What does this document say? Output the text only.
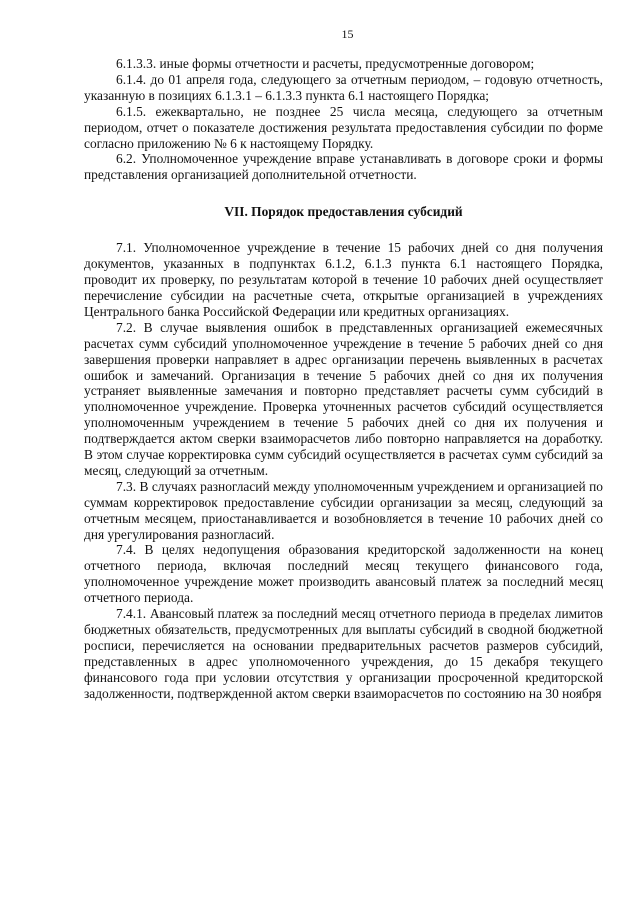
15

6.1.3.3. иные формы отчетности и расчеты, предусмотренные договором;

6.1.4. до 01 апреля года, следующего за отчетным периодом, – годовую отчетность, указанную в позициях 6.1.3.1 – 6.1.3.3 пункта 6.1 настоящего Порядка;

6.1.5. ежеквартально, не позднее 25 числа месяца, следующего за отчетным периодом, отчет о показателе достижения результата предоставления субсидии по форме согласно приложению № 6 к настоящему Порядку.

6.2. Уполномоченное учреждение вправе устанавливать в договоре сроки и формы представления организацией дополнительной отчетности.

VII. Порядок предоставления субсидий

7.1. Уполномоченное учреждение в течение 15 рабочих дней со дня получения документов, указанных в подпунктах 6.1.2, 6.1.3 пункта 6.1 настоящего Порядка, проводит их проверку, по результатам которой в течение 10 рабочих дней осуществляет перечисление субсидии на расчетные счета, открытые организацией в учреждениях Центрального банка Российской Федерации или кредитных организациях.

7.2. В случае выявления ошибок в представленных организацией ежемесячных расчетах сумм субсидий уполномоченное учреждение в течение 5 рабочих дней со дня завершения проверки направляет в адрес организации перечень выявленных в расчетах ошибок и замечаний. Организация в течение 5 рабочих дней со дня их получения устраняет выявленные замечания и повторно представляет расчеты сумм субсидий в уполномоченное учреждение. Проверка уточненных расчетов субсидий осуществляется уполномоченным учреждением в течение 5 рабочих дней со дня их получения и подтверждается актом сверки взаиморасчетов либо повторно направляется на доработку. В этом случае корректировка сумм субсидий осуществляется в расчетах сумм субсидий за месяц, следующий за отчетным.

7.3. В случаях разногласий между уполномоченным учреждением и организацией по суммам корректировок предоставление субсидии организации за месяц, следующий за отчетным месяцем, приостанавливается и возобновляется в течение 10 рабочих дней со дня урегулирования разногласий.

7.4. В целях недопущения образования кредиторской задолженности на конец отчетного периода, включая последний месяц текущего финансового года, уполномоченное учреждение может производить авансовый платеж за последний месяц отчетного периода.

7.4.1. Авансовый платеж за последний месяц отчетного периода в пределах лимитов бюджетных обязательств, предусмотренных для выплаты субсидий в сводной бюджетной росписи, перечисляется на основании предварительных расчетов размеров субсидий, представленных в адрес уполномоченного учреждения, до 15 декабря текущего финансового года при условии отсутствия у организации просроченной кредиторской задолженности, подтвержденной актом сверки взаиморасчетов по состоянию на 30 ноября
